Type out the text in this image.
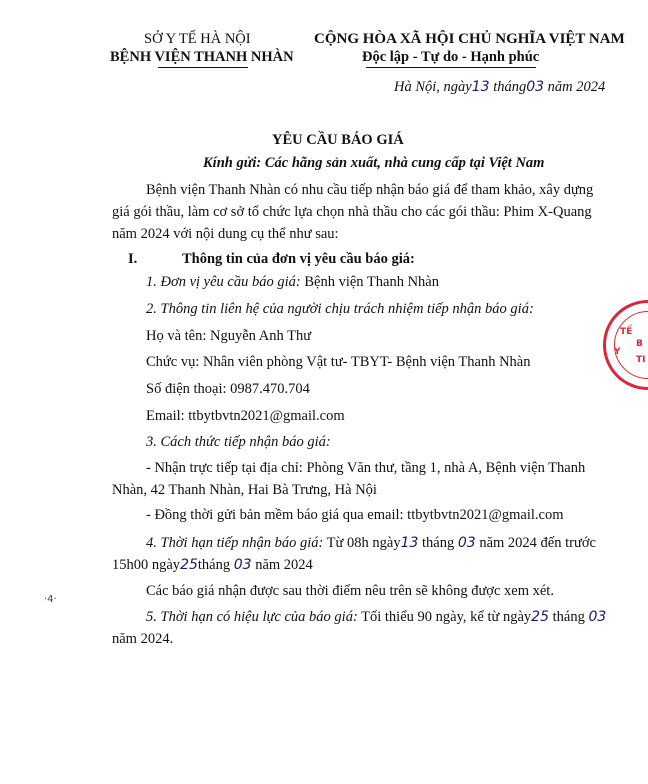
SỞ Y TẾ HÀ NỘI
BỆNH VIỆN THANH NHÀN
CỘNG HÒA XÃ HỘI CHỦ NGHĨA VIỆT NAM
Độc lập - Tự do - Hạnh phúc
Hà Nội, ngày13 tháng03 năm 2024
YÊU CẦU BÁO GIÁ
Kính gửi: Các hãng sản xuất, nhà cung cấp tại Việt Nam
Bệnh viện Thanh Nhàn có nhu cầu tiếp nhận báo giá để tham khảo, xây dựng
giá gói thầu, làm cơ sở tổ chức lựa chọn nhà thầu cho các gói thầu: Phim X-Quang
năm 2024 với nội dung cụ thể như sau:
I.	Thông tin của đơn vị yêu cầu báo giá:
1. Đơn vị yêu cầu báo giá: Bệnh viện Thanh Nhàn
2. Thông tin liên hệ của người chịu trách nhiệm tiếp nhận báo giá:
Họ và tên: Nguyễn Anh Thư
Chức vụ: Nhân viên phòng Vật tư- TBYT- Bệnh viện Thanh Nhàn
Số điện thoại: 0987.470.704
Email: ttbytbvtn2021@gmail.com
3. Cách thức tiếp nhận báo giá:
- Nhận trực tiếp tại địa chỉ: Phòng Văn thư, tầng 1, nhà A, Bệnh viện Thanh
Nhàn, 42 Thanh Nhàn, Hai Bà Trưng, Hà Nội
- Đồng thời gửi bản mềm báo giá qua email: ttbytbvtn2021@gmail.com
4. Thời hạn tiếp nhận báo giá: Từ 08h ngày13 tháng 03 năm 2024 đến trước
15h00 ngày25tháng 03 năm 2024
Các báo giá nhận được sau thời điểm nêu trên sẽ không được xem xét.
5. Thời hạn có hiệu lực của báo giá: Tối thiểu 90 ngày, kể từ ngày25 tháng 03
năm 2024.
·4·
Y
TẾ
B
TI
